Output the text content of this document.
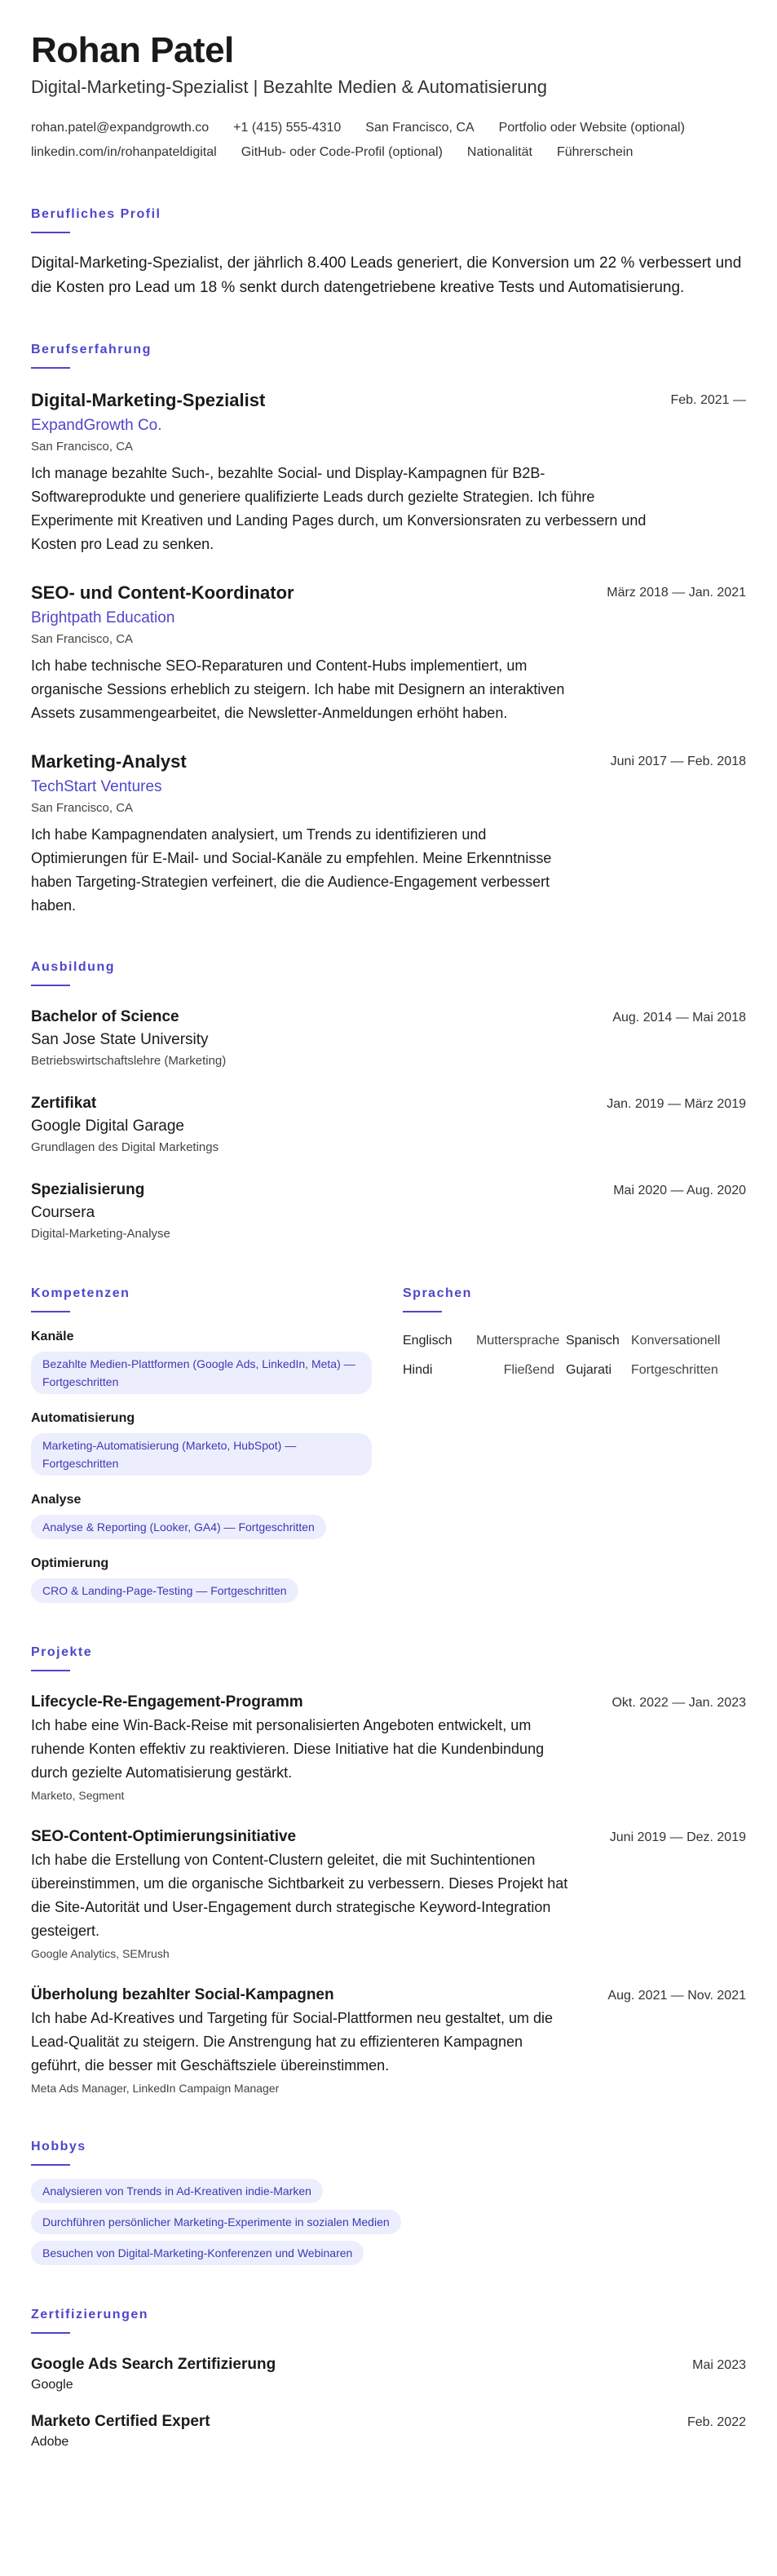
Rohan Patel
Digital-Marketing-Spezialist | Bezahlte Medien & Automatisierung
rohan.patel@expandgrowth.co +1 (415) 555-4310 San Francisco, CA Portfolio oder Website (optional)
linkedin.com/in/rohanpateldigital GitHub- oder Code-Profil (optional) Nationalität Führerschein
Berufliches Profil
Digital-Marketing-Spezialist, der jährlich 8.400 Leads generiert, die Konversion um 22 % verbessert und die Kosten pro Lead um 18 % senkt durch datengetriebene kreative Tests und Automatisierung.
Berufserfahrung
Digital-Marketing-Spezialist
ExpandGrowth Co.
San Francisco, CA
Ich manage bezahlte Such-, bezahlte Social- und Display-Kampagnen für B2B-Softwareprodukte und generiere qualifizierte Leads durch gezielte Strategien. Ich führe Experimente mit Kreativen und Landing Pages durch, um Konversionsraten zu verbessern und Kosten pro Lead zu senken.
Feb. 2021 —
SEO- und Content-Koordinator
Brightpath Education
San Francisco, CA
Ich habe technische SEO-Reparaturen und Content-Hubs implementiert, um organische Sessions erheblich zu steigern. Ich habe mit Designern an interaktiven Assets zusammengearbeitet, die Newsletter-Anmeldungen erhöht haben.
März 2018 — Jan. 2021
Marketing-Analyst
TechStart Ventures
San Francisco, CA
Ich habe Kampagnendaten analysiert, um Trends zu identifizieren und Optimierungen für E-Mail- und Social-Kanäle zu empfehlen. Meine Erkenntnisse haben Targeting-Strategien verfeinert, die die Audience-Engagement verbessert haben.
Juni 2017 — Feb. 2018
Ausbildung
Bachelor of Science
San Jose State University
Betriebswirtschaftslehre (Marketing)
Aug. 2014 — Mai 2018
Zertifikat
Google Digital Garage
Grundlagen des Digital Marketings
Jan. 2019 — März 2019
Spezialisierung
Coursera
Digital-Marketing-Analyse
Mai 2020 — Aug. 2020
Kompetenzen
Kanäle
Bezahlte Medien-Plattformen (Google Ads, LinkedIn, Meta) — Fortgeschritten
Automatisierung
Marketing-Automatisierung (Marketo, HubSpot) — Fortgeschritten
Analyse
Analyse & Reporting (Looker, GA4) — Fortgeschritten
Optimierung
CRO & Landing-Page-Testing — Fortgeschritten
Sprachen
Englisch	Muttersprache Spanisch Konversationell
Hindi	Fließend Gujarati	Fortgeschritten
Projekte
Lifecycle-Re-Engagement-Programm
Ich habe eine Win-Back-Reise mit personalisierten Angeboten entwickelt, um ruhende Konten effektiv zu reaktivieren. Diese Initiative hat die Kundenbindung durch gezielte Automatisierung gestärkt.
Marketo, Segment
Okt. 2022 — Jan. 2023
SEO-Content-Optimierungsinitiative
Ich habe die Erstellung von Content-Clustern geleitet, die mit Suchintentionen übereinstimmen, um die organische Sichtbarkeit zu verbessern. Dieses Projekt hat die Site-Autorität und User-Engagement durch strategische Keyword-Integration gesteigert.
Google Analytics, SEMrush
Juni 2019 — Dez. 2019
Überholung bezahlter Social-Kampagnen
Ich habe Ad-Kreatives und Targeting für Social-Plattformen neu gestaltet, um die Lead-Qualität zu steigern. Die Anstrengung hat zu effizienteren Kampagnen geführt, die besser mit Geschäftsziele übereinstimmen.
Meta Ads Manager, LinkedIn Campaign Manager
Aug. 2021 — Nov. 2021
Hobbys
Analysieren von Trends in Ad-Kreativen indie-Marken
Durchführen persönlicher Marketing-Experimente in sozialen Medien
Besuchen von Digital-Marketing-Konferenzen und Webinaren
Zertifizierungen
Google Ads Search Zertifizierung
Google
Mai 2023
Marketo Certified Expert
Adobe
Feb. 2022
